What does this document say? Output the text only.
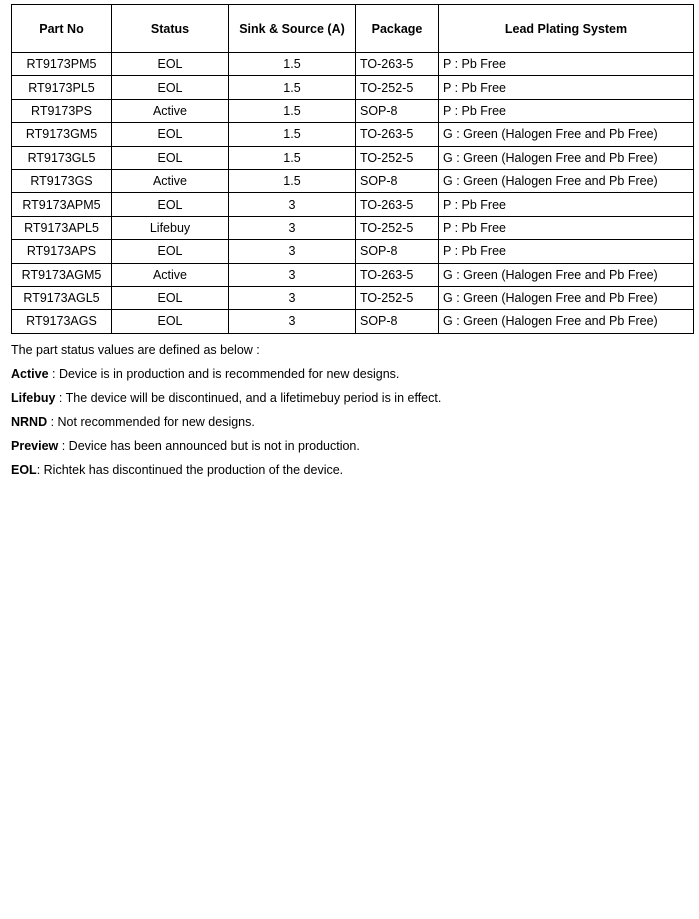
Part No	Status	Sink & Source (A)	Package	Lead Plating System
RT9173PM5	EOL	1.5	TO-263-5	P : Pb Free
RT9173PL5	EOL	1.5	TO-252-5	P : Pb Free
RT9173PS	Active	1.5	SOP-8	P : Pb Free
RT9173GM5	EOL	1.5	TO-263-5	G : Green (Halogen Free and Pb Free)
RT9173GL5	EOL	1.5	TO-252-5	G : Green (Halogen Free and Pb Free)
RT9173GS	Active	1.5	SOP-8	G : Green (Halogen Free and Pb Free)
RT9173APM5	EOL	3	TO-263-5	P : Pb Free
RT9173APL5	Lifebuy	3	TO-252-5	P : Pb Free
RT9173APS	EOL	3	SOP-8	P : Pb Free
RT9173AGM5	Active	3	TO-263-5	G : Green (Halogen Free and Pb Free)
RT9173AGL5	EOL	3	TO-252-5	G : Green (Halogen Free and Pb Free)
RT9173AGS	EOL	3	SOP-8	G : Green (Halogen Free and Pb Free)

The part status values are defined as below :

Active : Device is in production and is recommended for new designs.

Lifebuy : The device will be discontinued, and a lifetimebuy period is in effect.

NRND : Not recommended for new designs.

Preview : Device has been announced but is not in production.

EOL: Richtek has discontinued the production of the device.
